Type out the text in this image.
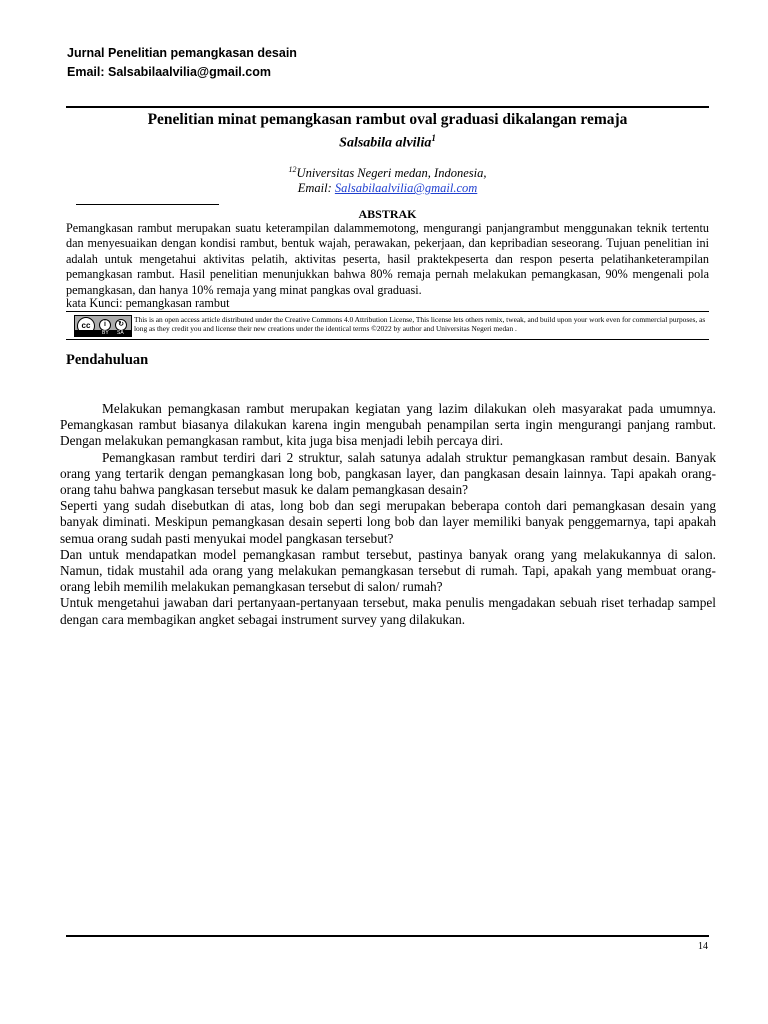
Jurnal Penelitian pemangkasan desain
Email: Salsabilaalvilia@gmail.com
Penelitian minat pemangkasan rambut oval graduasi dikalangan remaja
Salsabila alvilia$^1$
$^{12}$Universitas Negeri medan, Indonesia,
Email: Salsabilaalvilia@gmail.com
ABSTRAK
Pemangkasan rambut merupakan suatu keterampilan dalammemotong, mengurangi panjangrambut menggunakan teknik tertentu dan menyesuaikan dengan kondisi rambut, bentuk wajah, perawakan, pekerjaan, dan kepribadian seseorang. Tujuan penelitian ini adalah untuk mengetahui aktivitas pelatih, aktivitas peserta, hasil praktekpeserta dan respon peserta pelatihanketerampilan pemangkasan rambut. Hasil penelitian menunjukkan bahwa 80% remaja pernah melakukan pemangkasan, 90% mengenali pola pemangkasan, dan hanya 10% remaja yang minat pangkas oval graduasi.
kata Kunci: pemangkasan rambut
cc	i	↻
BY SA
This is an open access article distributed under the Creative Commons 4.0 Attribution License, This license lets others remix, tweak, and build upon your work even for commercial purposes, as long as they credit you and license their new creations under the identical terms ©2022 by author and Universitas Negeri medan .
Pendahuluan

Melakukan pemangkasan rambut merupakan kegiatan yang lazim dilakukan oleh masyarakat pada umumnya. Pemangkasan rambut biasanya dilakukan karena ingin mengubah penampilan serta ingin mengurangi panjang rambut. Dengan melakukan pemangkasan rambut, kita juga bisa menjadi lebih percaya diri.

Pemangkasan rambut terdiri dari 2 struktur, salah satunya adalah struktur pemangkasan rambut desain. Banyak orang yang tertarik dengan pemangkasan long bob, pangkasan layer, dan pangkasan desain lainnya. Tapi apakah orang- orang tahu bahwa pangkasan tersebut masuk ke dalam pemangkasan desain?

Seperti yang sudah disebutkan di atas, long bob dan segi merupakan beberapa contoh dari pemangkasan desain yang banyak diminati. Meskipun pemangkasan desain seperti long bob dan layer memiliki banyak penggemarnya, tapi apakah semua orang sudah pasti menyukai model pangkasan tersebut?

Dan untuk mendapatkan model pemangkasan rambut tersebut, pastinya banyak orang yang melakukannya di salon. Namun, tidak mustahil ada orang yang melakukan pemangkasan tersebut di rumah. Tapi, apakah yang membuat orang- orang lebih memilih melakukan pemangkasan tersebut di salon/ rumah?

Untuk mengetahui jawaban dari pertanyaan-pertanyaan tersebut, maka penulis mengadakan sebuah riset terhadap sampel dengan cara membagikan angket sebagai instrument survey yang dilakukan.

14
